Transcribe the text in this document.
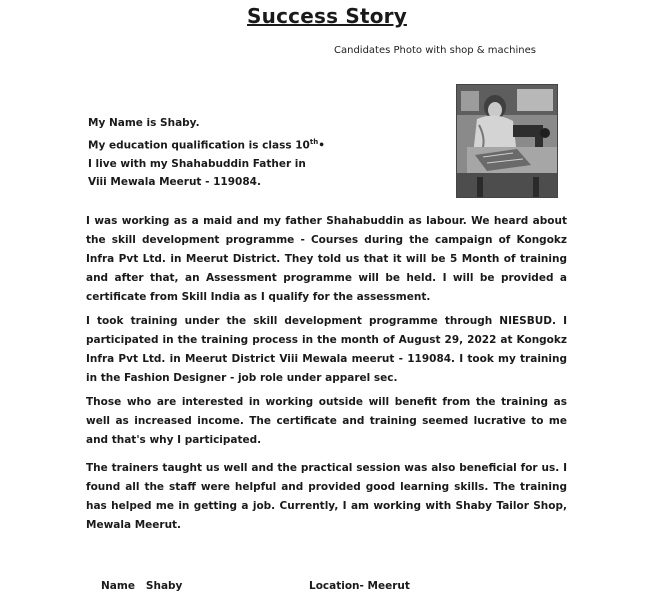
Success Story
Candidates Photo with shop & machines
My Name is Shaby.
My education qualification is class 10th•
I live with my Shahabuddin Father in
Viii Mewala Meerut - 119084.

I was working as a maid and my father Shahabuddin as labour. We heard about the skill development programme - Courses during the campaign of Kongokz Infra Pvt Ltd. in Meerut District. They told us that it will be 5 Month of training and after that, an Assessment programme will be held. I will be provided a certificate from Skill India as I qualify for the assessment.

I took training under the skill development programme through NIESBUD. I participated in the training process in the month of August 29, 2022 at Kongokz Infra Pvt Ltd. in Meerut District Viii Mewala meerut - 119084. I took my training in the Fashion Designer - job role under apparel sec.

Those who are interested in working outside will benefit from the training as well as increased income. The certificate and training seemed lucrative to me and that's why I participated.

The trainers taught us well and the practical session was also beneficial for us. I found all the staff were helpful and provided good learning skills. The training has helped me in getting a job. Currently, I am working with Shaby Tailor Shop, Mewala Meerut.

Name   Shaby	Location- Meerut
